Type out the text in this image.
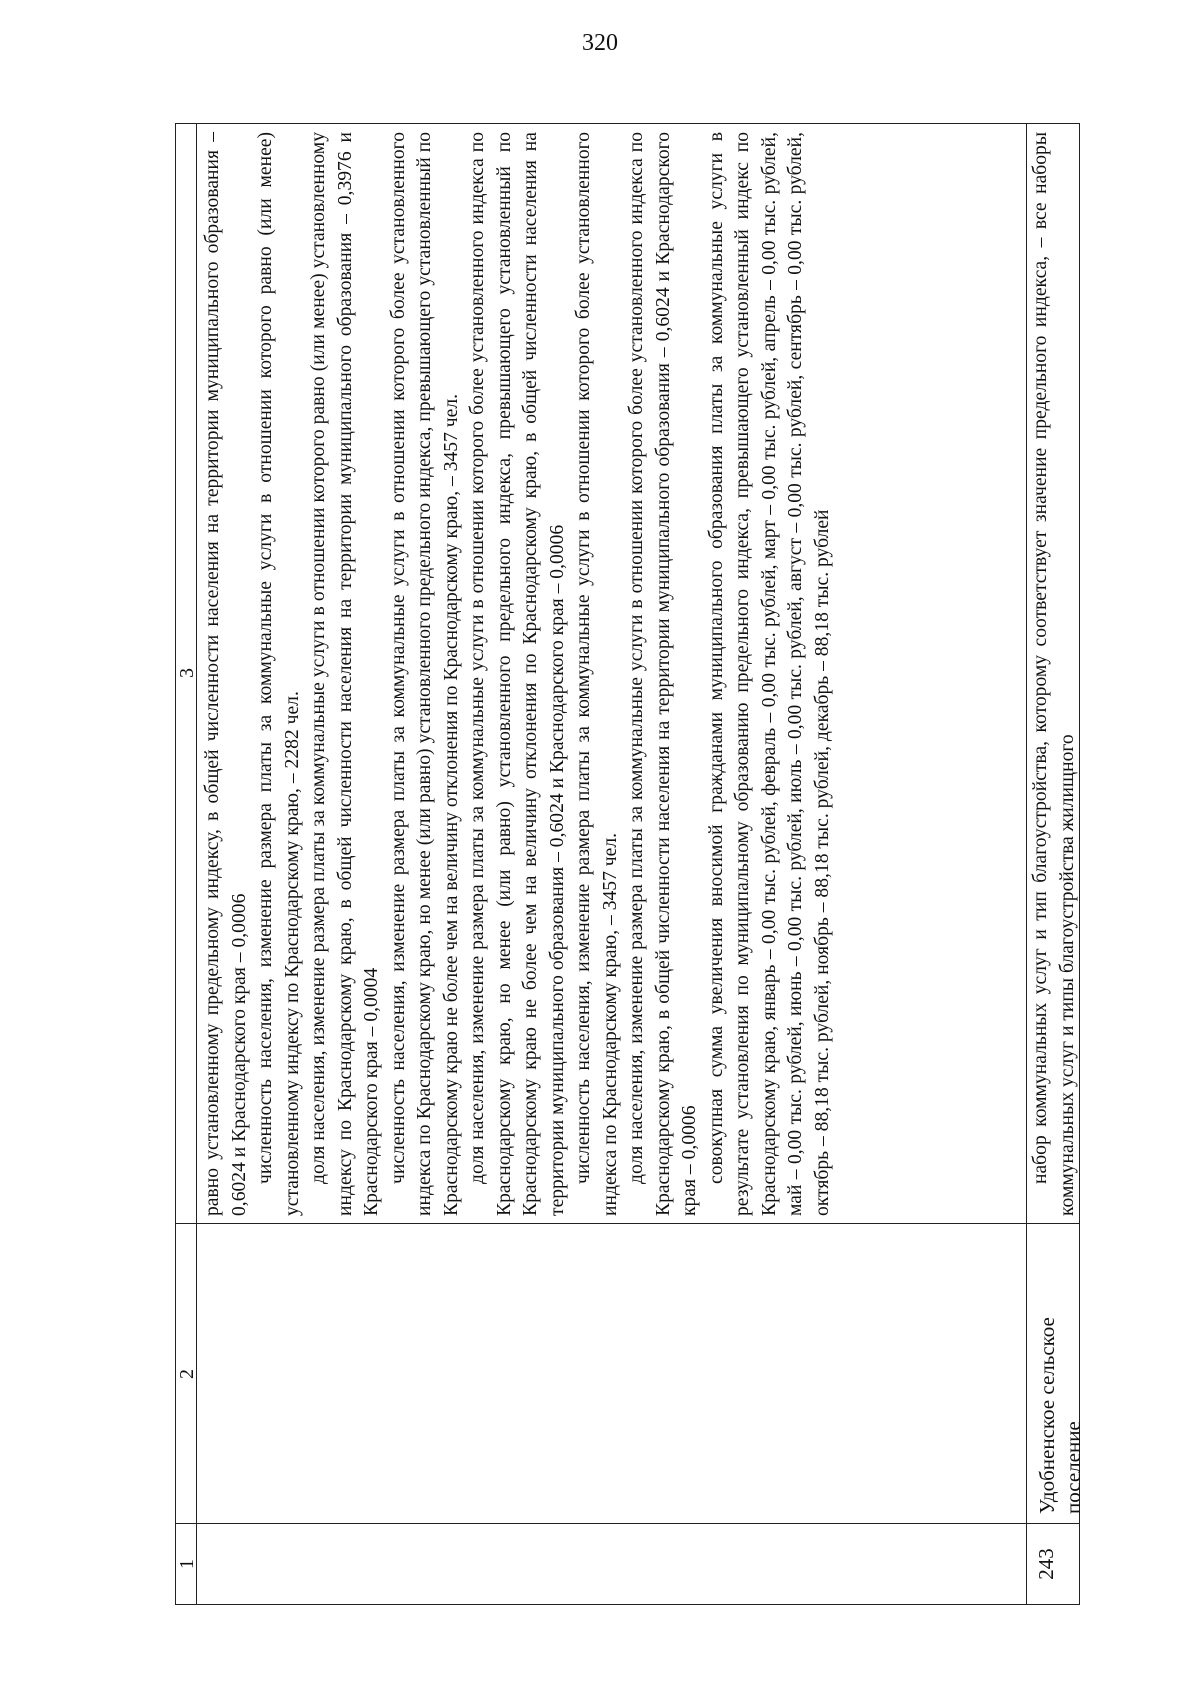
320
1
2
3 равно установленному предельному индексу, в общей численности населения на территории муниципального образования – 0,6024 и Краснодарского края – 0,0006 численность населения, изменение размера платы за коммунальные услуги в отношении которого равно (или менее) установленному индексу по Краснодарскому краю, – 2282 чел. доля населения, изменение размера платы за коммунальные услуги в отношении которого равно (или менее) установленному индексу по Краснодарскому краю, в общей численности населения на территории муниципального образования – 0,3976 и Краснодарского края – 0,0004 численность населения, изменение размера платы за коммунальные услуги в отношении которого более установленного индекса по Краснодарскому краю, но менее (или равно) установленного предельного индекса, превышающего установленный по Краснодарскому краю не более чем на величину отклонения по Краснодарскому краю, – 3457 чел. доля населения, изменение размера платы за коммунальные услуги в отношении которого более установленного индекса по Краснодарскому краю, но менее (или равно) установленного предельного индекса, превышающего установленный по Краснодарскому краю не более чем на величину отклонения по Краснодарскому краю, в общей численности населения на территории муниципального образования – 0,6024 и Краснодарского края – 0,0006 численность населения, изменение размера платы за коммунальные услуги в отношении которого более установленного индекса по Краснодарскому краю, – 3457 чел. доля населения, изменение размера платы за коммунальные услуги в отношении которого более установленного индекса по Краснодарскому краю, в общей численности населения на территории муниципального образования – 0,6024 и Краснодарского края – 0,0006 совокупная сумма увеличения вносимой гражданами муниципального образования платы за коммунальные услуги в результате установления по муниципальному образованию предельного индекса, превышающего установленный индекс по Краснодарскому краю, январь – 0,00 тыс. рублей, февраль – 0,00 тыс. рублей, март – 0,00 тыс. рублей, апрель – 0,00 тыс. рублей, май – 0,00 тыс. рублей, июнь – 0,00 тыс. рублей, июль – 0,00 тыс. рублей, август – 0,00 тыс. рублей, сентябрь – 0,00 тыс. рублей, октябрь – 88,18 тыс. рублей, ноябрь – 88,18 тыс. рублей, декабрь – 88,18 тыс. рублей

243
Удобненское сельское поселение

набор коммунальных услуг и тип благоустройства, которому соответствует значение предельного индекса, – все наборы коммунальных услуг и типы благоустройства жилищного
